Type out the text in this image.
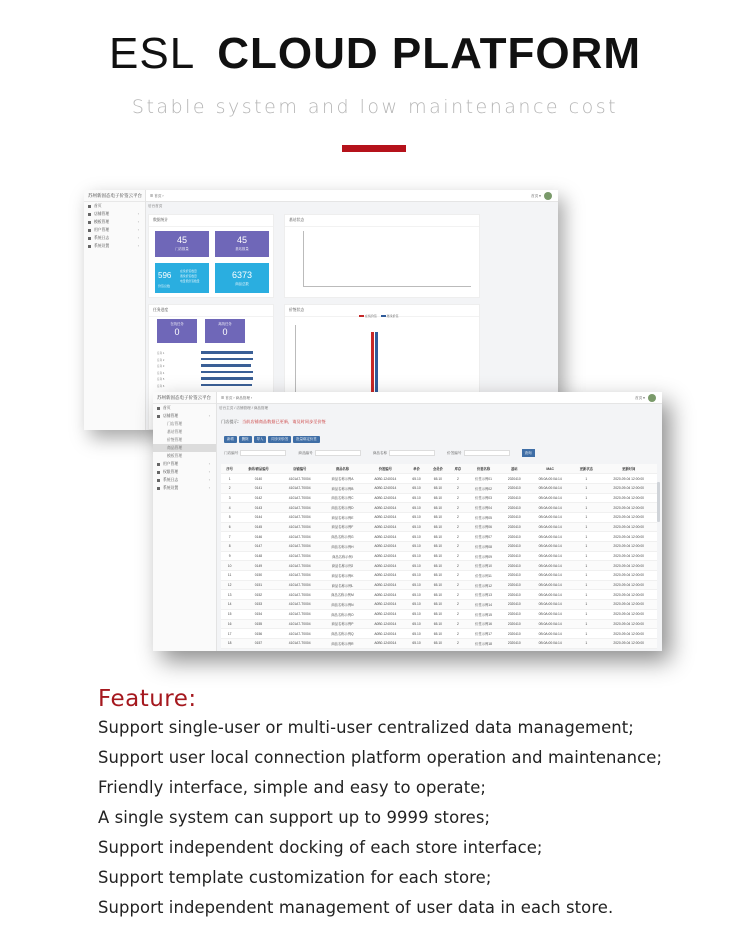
ESL CLOUD PLATFORM
Stable system and low maintenance cost
苏州新固态电子价签云平台
首页
店铺管理	›
模板管理	›
用户管理	›
系统日志	›
系统设置	›
☰ 首页 ›	首页 ▾
后台首页
数据统计
45
门店数量
45
基站数量
596
价签总数
在线价签数量
离线价签数量
电量低价签数量
6373
商品总数
基站状态
任务进度
在线任务
0
离线任务
0
任务 1
任务 2
任务 3
任务 4
任务 5
任务 6
价签状态
在线价签	离线价签
苏州新固态电子价签云平台
首页
店铺管理	›
门店管理
基站管理
价签管理
商品管理
模板管理
用户管理	›
权限管理	›
系统日志	›
系统设置	›
☰ 首页 › 商品管理 ›	首页 ▾
后台主页 / 店铺管理 / 商品管理
门店提示：当前店铺商品数据已更新，请及时同步至价签
新增 删除 导入 同步到价签 批量绑定价签
门店编号	商品编号	商品名称	价签编号	查询
序号	条码/商品编号	店铺编号	商品名称	价签编号	单价	会员价	库存	价签名称	基站	MAC	更新状态	更新时间
1	0140	4101A7-T0004	商品名称示例A	A0B0-1240014	65.10	65.10	2	价签示例01	2020410	0B:0A:00:0A:14	1	2020-09-04 12:00:00
2	0141	4101A7-T0004	商品名称示例B	A0B0-1240014	65.10	65.10	2	价签示例02	2020410	0B:0A:00:0A:14	1	2020-09-04 12:00:00
3	0142	4101A7-T0004	商品名称示例C	A0B0-1240014	65.10	65.10	2	价签示例03	2020410	0B:0A:00:0A:14	1	2020-09-04 12:00:00
4	0143	4101A7-T0004	商品名称示例D	A0B0-1240014	65.10	65.10	2	价签示例04	2020410	0B:0A:00:0A:14	1	2020-09-04 12:00:00
5	0144	4101A7-T0004	商品名称示例E	A0B0-1240014	65.10	65.10	2	价签示例05	2020410	0B:0A:00:0A:14	1	2020-09-04 12:00:00
6	0145	4101A7-T0004	商品名称示例F	A0B0-1240014	65.10	65.10	2	价签示例06	2020410	0B:0A:00:0A:14	1	2020-09-04 12:00:00
7	0146	4101A7-T0004	商品名称示例G	A0B0-1240014	65.10	65.10	2	价签示例07	2020410	0B:0A:00:0A:14	1	2020-09-04 12:00:00
8	0147	4101A7-T0004	商品名称示例H	A0B0-1240014	65.10	65.10	2	价签示例08	2020410	0B:0A:00:0A:14	1	2020-09-04 12:00:00
9	0148	4101A7-T0004	商品名称示例I	A0B0-1240014	65.10	65.10	2	价签示例09	2020410	0B:0A:00:0A:14	1	2020-09-04 12:00:00
10	0149	4101A7-T0004	商品名称示例J	A0B0-1240014	65.10	65.10	2	价签示例10	2020410	0B:0A:00:0A:14	1	2020-09-04 12:00:00
11	0150	4101A7-T0004	商品名称示例K	A0B0-1240014	65.10	65.10	2	价签示例11	2020410	0B:0A:00:0A:14	1	2020-09-04 12:00:00
12	0151	4101A7-T0004	商品名称示例L	A0B0-1240014	65.10	65.10	2	价签示例12	2020410	0B:0A:00:0A:14	1	2020-09-04 12:00:00
13	0152	4101A7-T0004	商品名称示例M	A0B0-1240014	65.10	65.10	2	价签示例13	2020410	0B:0A:00:0A:14	1	2020-09-04 12:00:00
14	0153	4101A7-T0004	商品名称示例N	A0B0-1240014	65.10	65.10	2	价签示例14	2020410	0B:0A:00:0A:14	1	2020-09-04 12:00:00
15	0154	4101A7-T0004	商品名称示例O	A0B0-1240014	65.10	65.10	2	价签示例15	2020410	0B:0A:00:0A:14	1	2020-09-04 12:00:00
16	0155	4101A7-T0004	商品名称示例P	A0B0-1240014	65.10	65.10	2	价签示例16	2020410	0B:0A:00:0A:14	1	2020-09-04 12:00:00
17	0156	4101A7-T0004	商品名称示例Q	A0B0-1240014	65.10	65.10	2	价签示例17	2020410	0B:0A:00:0A:14	1	2020-09-04 12:00:00
18	0157	4101A7-T0004	商品名称示例R	A0B0-1240014	65.10	65.10	2	价签示例18	2020410	0B:0A:00:0A:14	1	2020-09-04 12:00:00
Feature:

Support single-user or multi-user centralized data management;

Support user local connection platform operation and maintenance;

Friendly interface, simple and easy to operate;

A single system can support up to 9999 stores;

Support independent docking of each store interface;

Support template customization for each store;

Support independent management of user data in each store.
